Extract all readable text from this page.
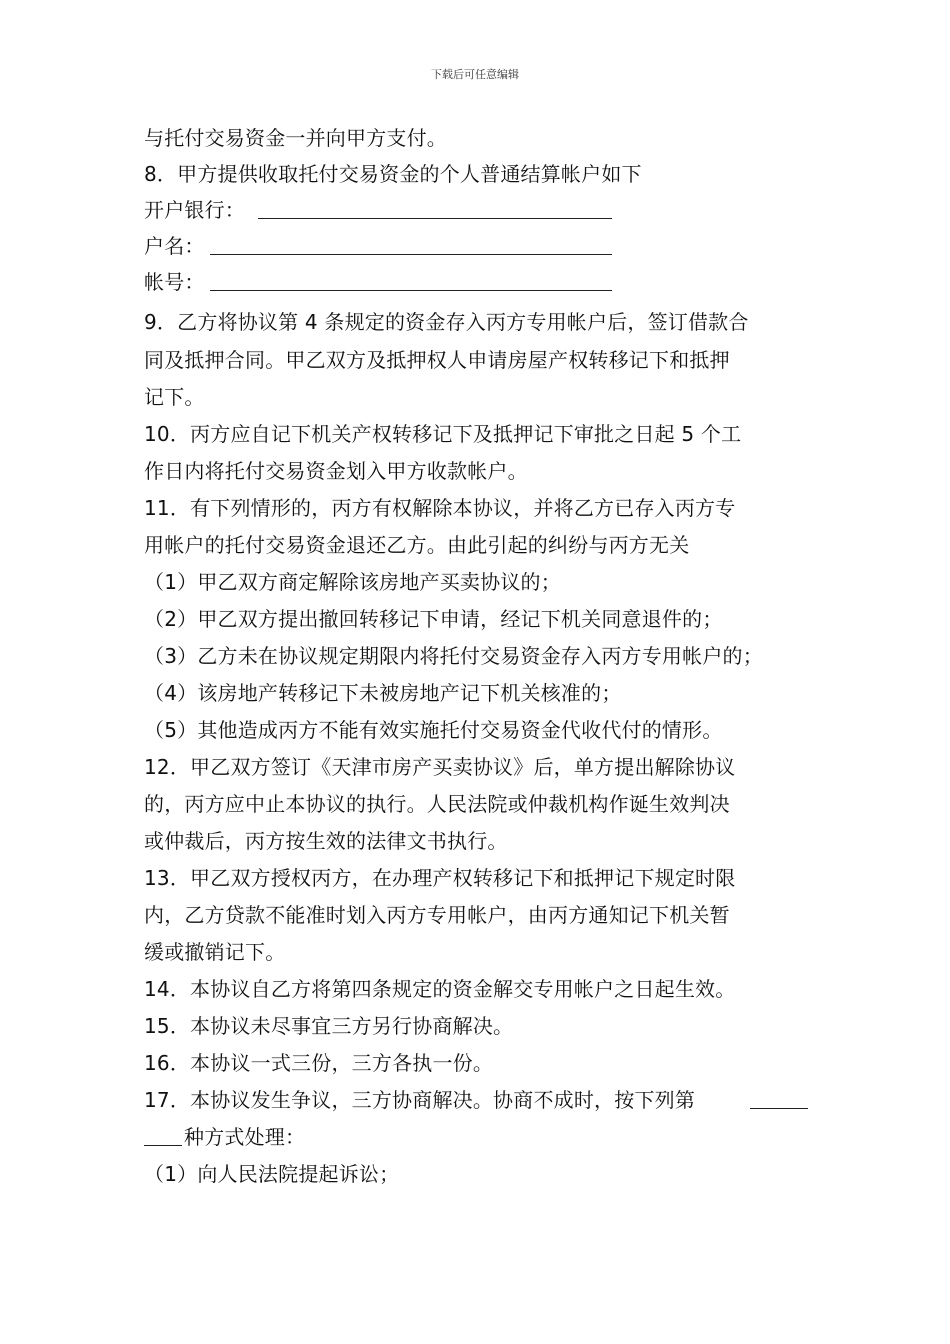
下载后可任意编辑
与托付交易资金一并向甲方支付。
8．甲方提供收取托付交易资金的个人普通结算帐户如下
开户银行：
户名：
帐号：
9．乙方将协议第 4 条规定的资金存入丙方专用帐户后，签订借款合
同及抵押合同。甲乙双方及抵押权人申请房屋产权转移记下和抵押
记下。
10．丙方应自记下机关产权转移记下及抵押记下审批之日起 5 个工
作日内将托付交易资金划入甲方收款帐户。
11．有下列情形的，丙方有权解除本协议，并将乙方已存入丙方专
用帐户的托付交易资金退还乙方。由此引起的纠纷与丙方无关
（1）甲乙双方商定解除该房地产买卖协议的；
（2）甲乙双方提出撤回转移记下申请，经记下机关同意退件的；
（3）乙方未在协议规定期限内将托付交易资金存入丙方专用帐户的；
（4）该房地产转移记下未被房地产记下机关核准的；
（5）其他造成丙方不能有效实施托付交易资金代收代付的情形。
12．甲乙双方签订《天津市房产买卖协议》后，单方提出解除协议
的，丙方应中止本协议的执行。人民法院或仲裁机构作诞生效判决
或仲裁后，丙方按生效的法律文书执行。
13．甲乙双方授权丙方，在办理产权转移记下和抵押记下规定时限
内，乙方贷款不能准时划入丙方专用帐户，由丙方通知记下机关暂
缓或撤销记下。
14．本协议自乙方将第四条规定的资金解交专用帐户之日起生效。
15．本协议未尽事宜三方另行协商解决。
16．本协议一式三份，三方各执一份。
17．本协议发生争议，三方协商解决。协商不成时，按下列第
种方式处理：
（1）向人民法院提起诉讼；
